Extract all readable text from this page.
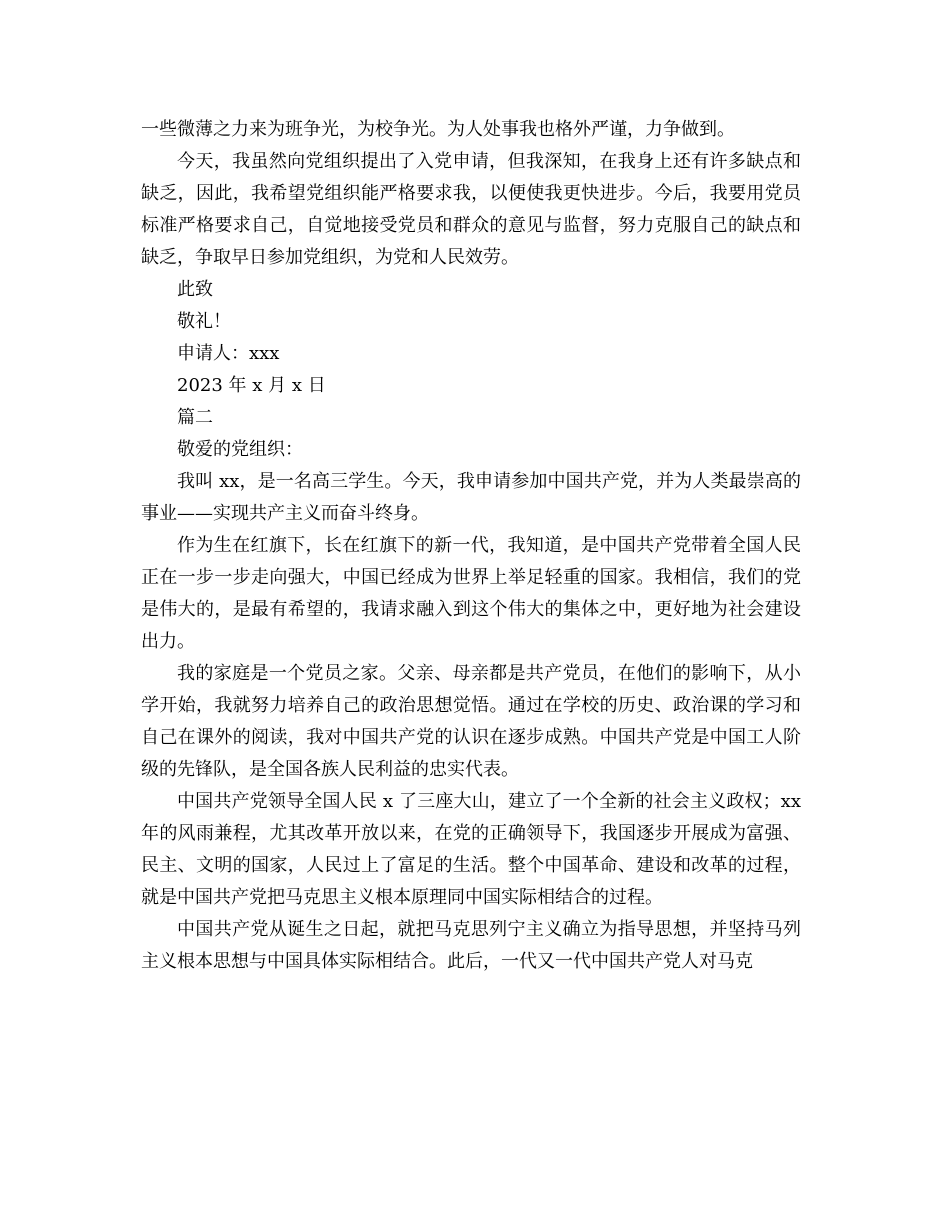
一些微薄之力来为班争光，为校争光。为人处事我也格外严谨，力争做到。

今天，我虽然向党组织提出了入党申请，但我深知，在我身上还有许多缺点和缺乏，因此，我希望党组织能严格要求我，以便使我更快进步。今后，我要用党员标准严格要求自己，自觉地接受党员和群众的意见与监督，努力克服自己的缺点和缺乏，争取早日参加党组织，为党和人民效劳。

此致

敬礼！

申请人：xxx

2023 年 x 月 x 日

篇二

敬爱的党组织：

我叫 xx，是一名高三学生。今天，我申请参加中国共产党，并为人类最崇高的事业——实现共产主义而奋斗终身。

作为生在红旗下，长在红旗下的新一代，我知道，是中国共产党带着全国人民正在一步一步走向强大，中国已经成为世界上举足轻重的国家。我相信，我们的党是伟大的，是最有希望的，我请求融入到这个伟大的集体之中，更好地为社会建设出力。

我的家庭是一个党员之家。父亲、母亲都是共产党员，在他们的影响下，从小学开始，我就努力培养自己的政治思想觉悟。通过在学校的历史、政治课的学习和自己在课外的阅读，我对中国共产党的认识在逐步成熟。中国共产党是中国工人阶级的先锋队，是全国各族人民利益的忠实代表。

中国共产党领导全国人民 x 了三座大山，建立了一个全新的社会主义政权；xx 年的风雨兼程，尤其改革开放以来，在党的正确领导下，我国逐步开展成为富强、民主、文明的国家，人民过上了富足的生活。整个中国革命、建设和改革的过程，就是中国共产党把马克思主义根本原理同中国实际相结合的过程。

中国共产党从诞生之日起，就把马克思列宁主义确立为指导思想，并坚持马列主义根本思想与中国具体实际相结合。此后，一代又一代中国共产党人对马克
